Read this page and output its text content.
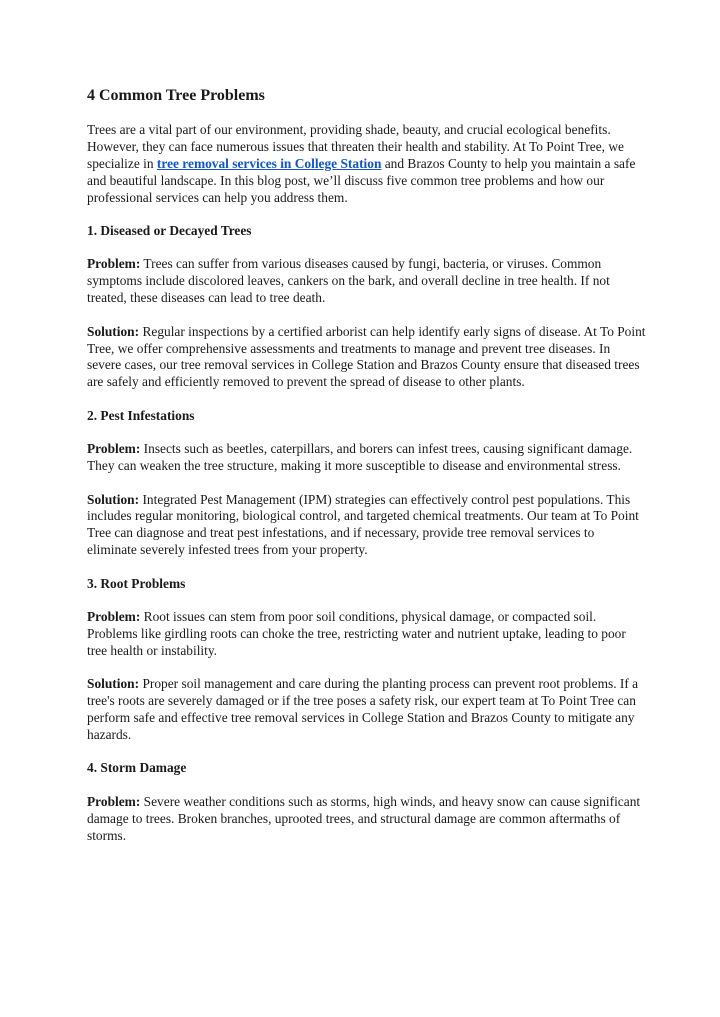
4 Common Tree Problems

Trees are a vital part of our environment, providing shade, beauty, and crucial ecological benefits. However, they can face numerous issues that threaten their health and stability. At To Point Tree, we specialize in tree removal services in College Station and Brazos County to help you maintain a safe and beautiful landscape. In this blog post, we’ll discuss five common tree problems and how our professional services can help you address them.

1. Diseased or Decayed Trees

Problem: Trees can suffer from various diseases caused by fungi, bacteria, or viruses. Common symptoms include discolored leaves, cankers on the bark, and overall decline in tree health. If not treated, these diseases can lead to tree death.

Solution: Regular inspections by a certified arborist can help identify early signs of disease. At To Point Tree, we offer comprehensive assessments and treatments to manage and prevent tree diseases. In severe cases, our tree removal services in College Station and Brazos County ensure that diseased trees are safely and efficiently removed to prevent the spread of disease to other plants.

2. Pest Infestations

Problem: Insects such as beetles, caterpillars, and borers can infest trees, causing significant damage. They can weaken the tree structure, making it more susceptible to disease and environmental stress.

Solution: Integrated Pest Management (IPM) strategies can effectively control pest populations. This includes regular monitoring, biological control, and targeted chemical treatments. Our team at To Point Tree can diagnose and treat pest infestations, and if necessary, provide tree removal services to eliminate severely infested trees from your property.

3. Root Problems

Problem: Root issues can stem from poor soil conditions, physical damage, or compacted soil. Problems like girdling roots can choke the tree, restricting water and nutrient uptake, leading to poor tree health or instability.

Solution: Proper soil management and care during the planting process can prevent root problems. If a tree's roots are severely damaged or if the tree poses a safety risk, our expert team at To Point Tree can perform safe and effective tree removal services in College Station and Brazos County to mitigate any hazards.

4. Storm Damage

Problem: Severe weather conditions such as storms, high winds, and heavy snow can cause significant damage to trees. Broken branches, uprooted trees, and structural damage are common aftermaths of storms.
